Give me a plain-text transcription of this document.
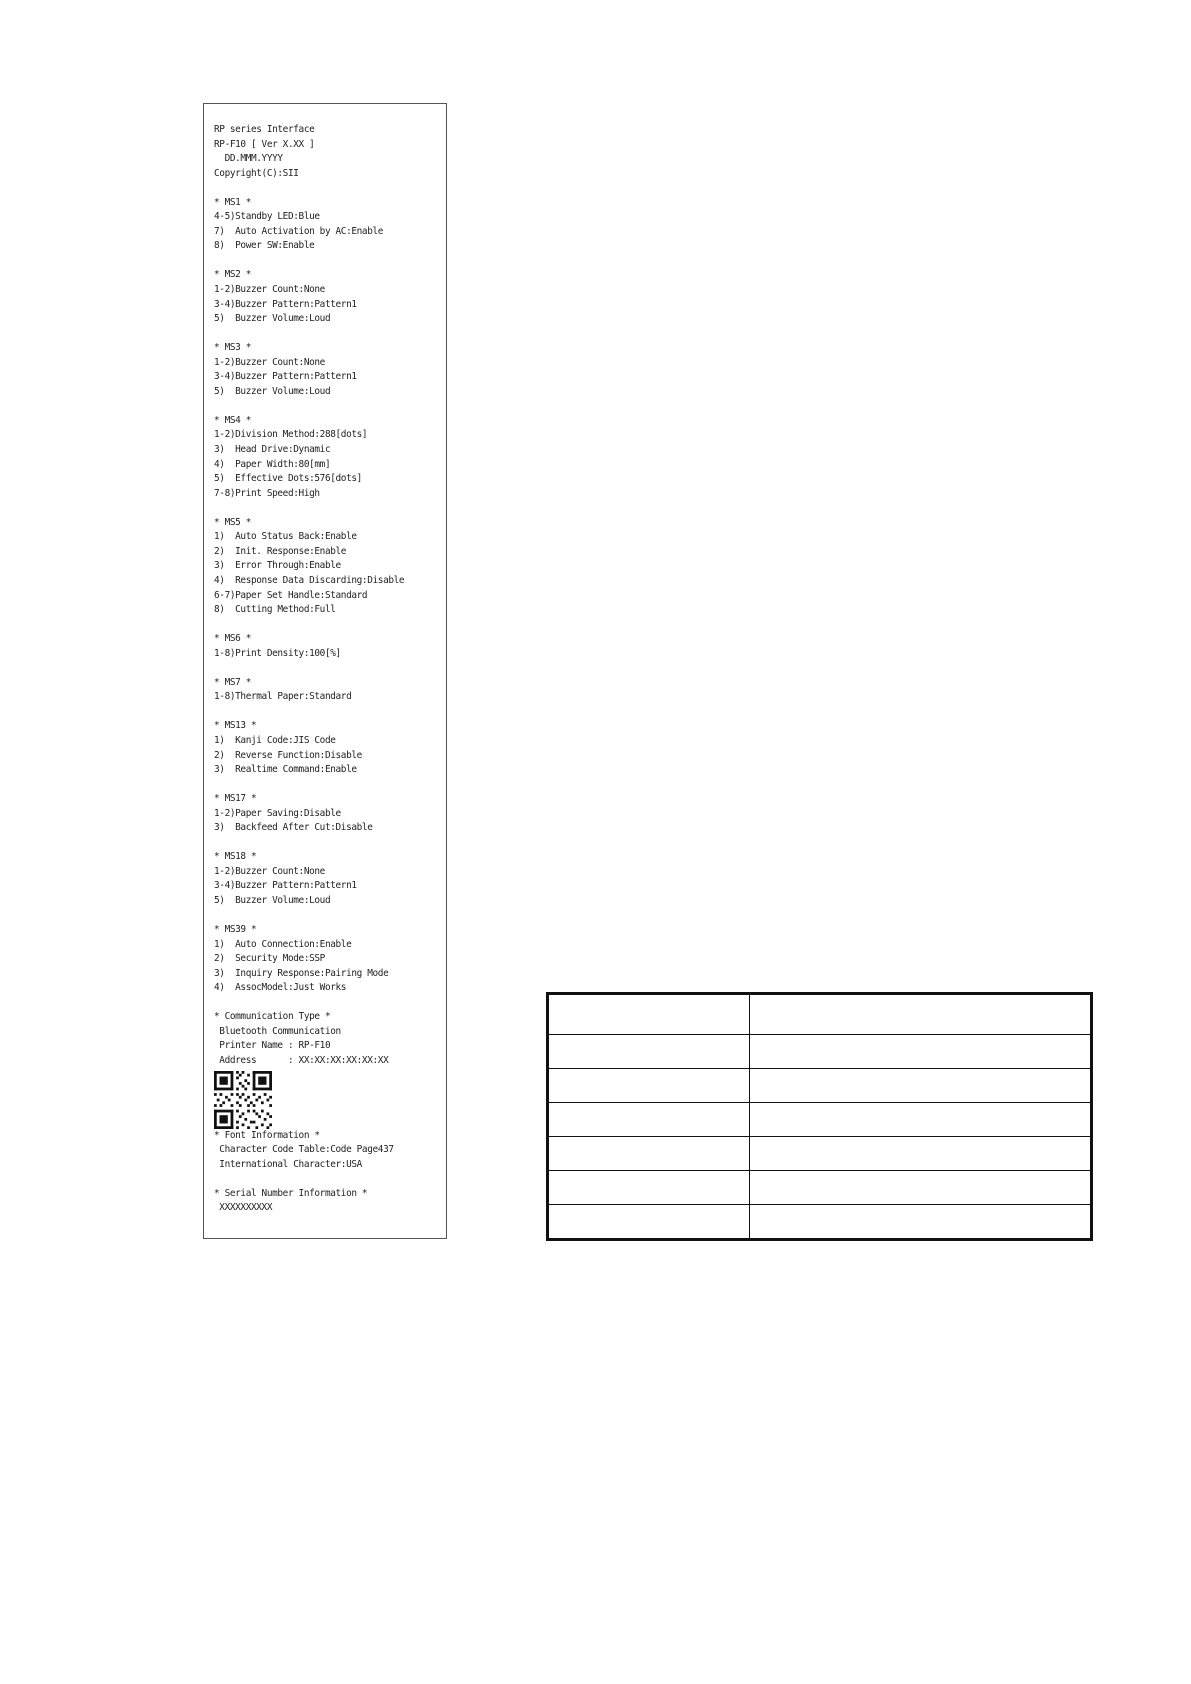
RP series Interface
RP-F10 [ Ver X.XX ]
DD.MMM.YYYY
Copyright(C):SII
* MS1 *
4-5)Standby LED:Blue
7)  Auto Activation by AC:Enable
8)  Power SW:Enable
* MS2 *
1-2)Buzzer Count:None
3-4)Buzzer Pattern:Pattern1
5)  Buzzer Volume:Loud
* MS3 *
1-2)Buzzer Count:None
3-4)Buzzer Pattern:Pattern1
5)  Buzzer Volume:Loud
* MS4 *
1-2)Division Method:288[dots]
3)  Head Drive:Dynamic
4)  Paper Width:80[mm]
5)  Effective Dots:576[dots]
7-8)Print Speed:High
* MS5 *
1)  Auto Status Back:Enable
2)  Init. Response:Enable
3)  Error Through:Enable
4)  Response Data Discarding:Disable
6-7)Paper Set Handle:Standard
8)  Cutting Method:Full
* MS6 *
1-8)Print Density:100[%]
* MS7 *
1-8)Thermal Paper:Standard
* MS13 *
1)  Kanji Code:JIS Code
2)  Reverse Function:Disable
3)  Realtime Command:Enable
* MS17 *
1-2)Paper Saving:Disable
3)  Backfeed After Cut:Disable
* MS18 *
1-2)Buzzer Count:None
3-4)Buzzer Pattern:Pattern1
5)  Buzzer Volume:Loud
* MS39 *
1)  Auto Connection:Enable
2)  Security Mode:SSP
3)  Inquiry Response:Pairing Mode
4)  AssocModel:Just Works
* Communication Type *
Bluetooth Communication
Printer Name : RP-F10
Address      : XX:XX:XX:XX:XX:XX
* Font Information *
Character Code Table:Code Page437
International Character:USA
* Serial Number Information *
XXXXXXXXXX
